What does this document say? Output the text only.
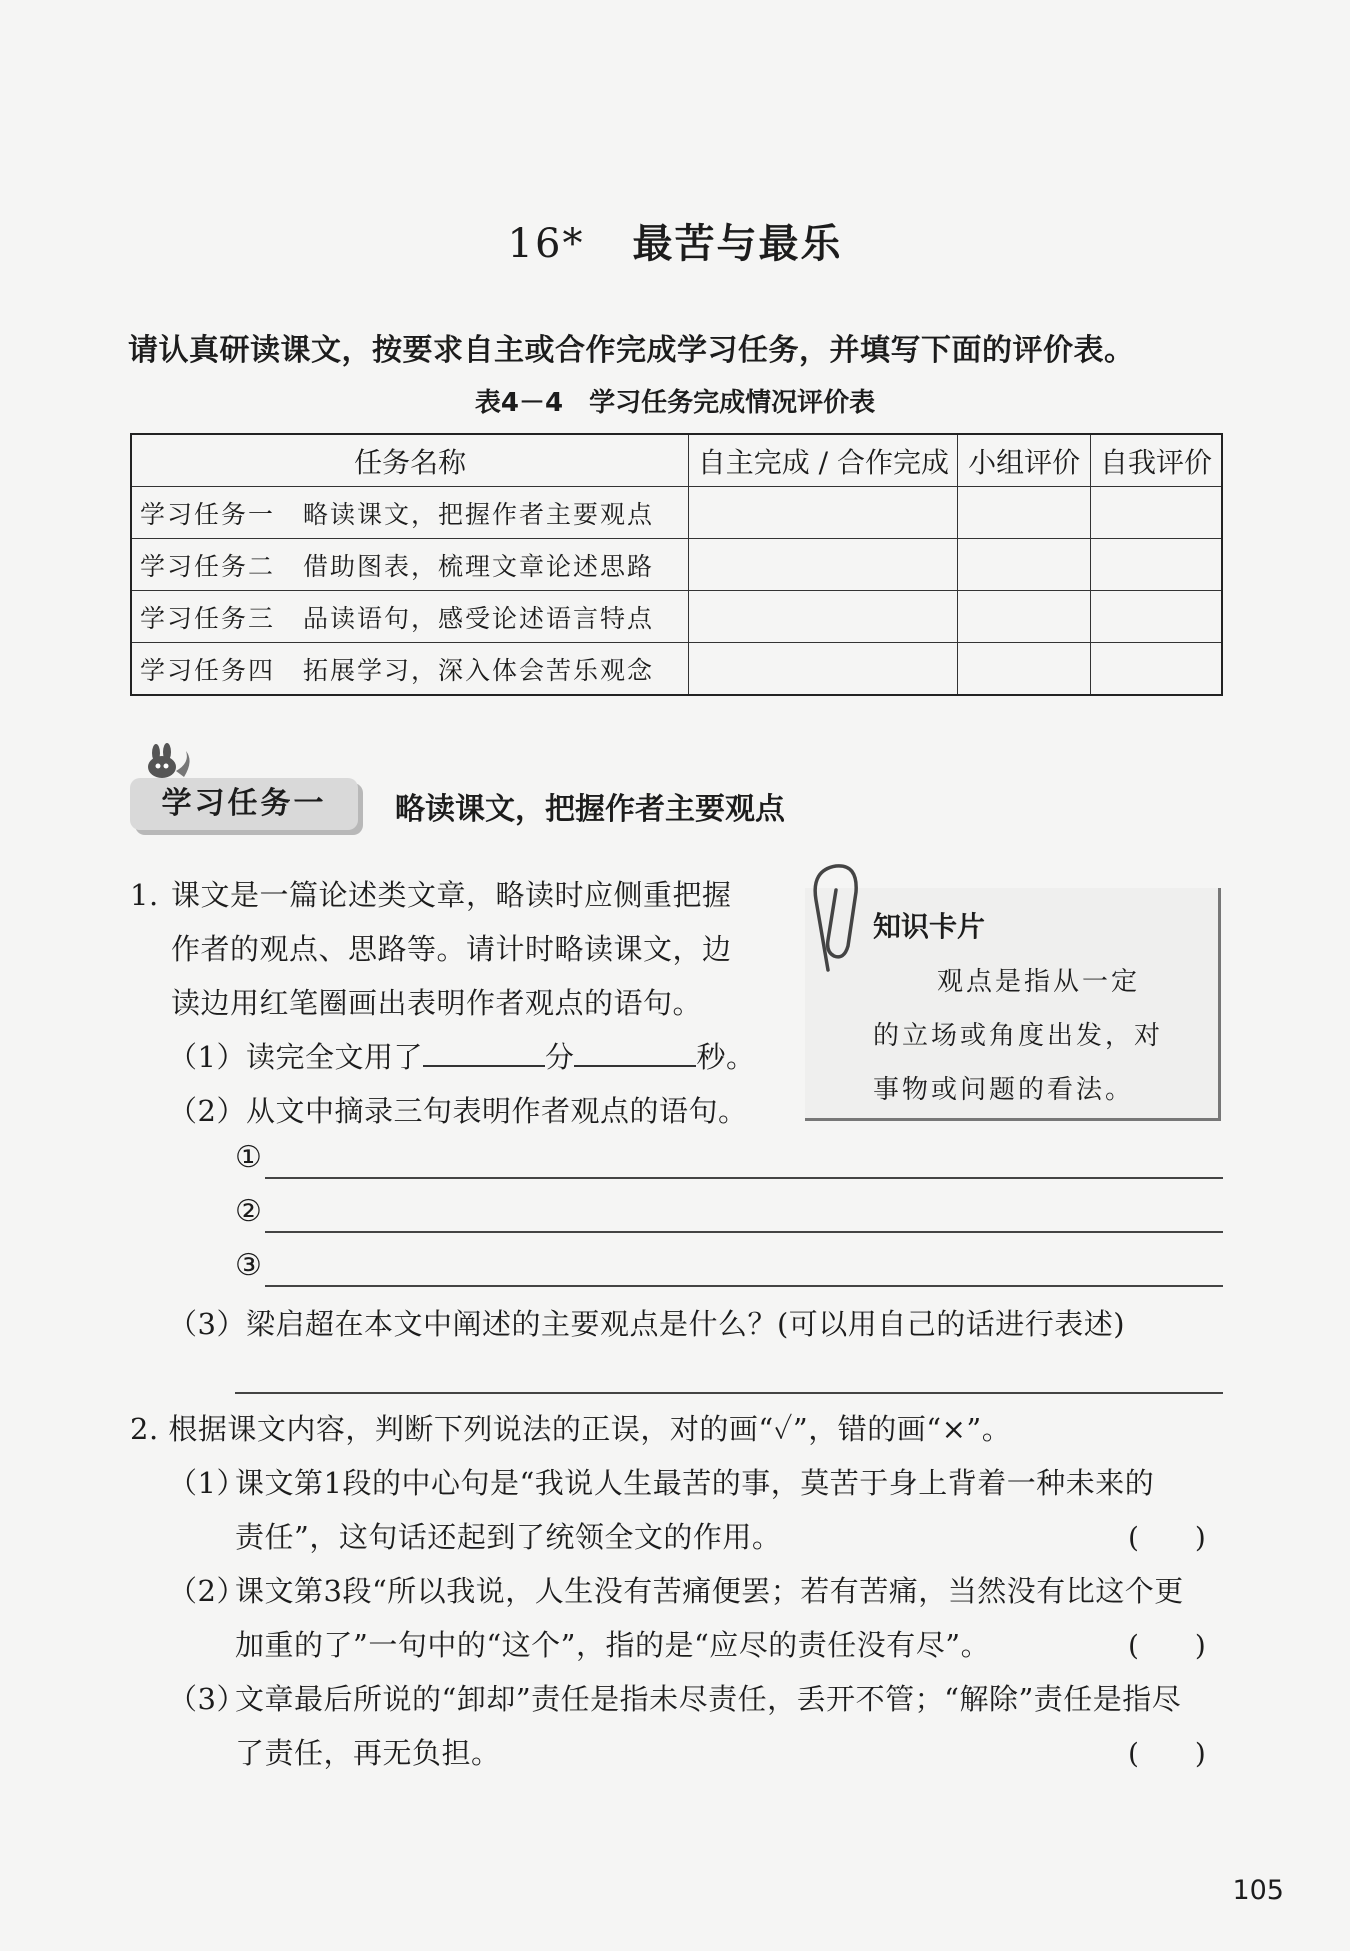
16* 最苦与最乐
请认真研读课文，按要求自主或合作完成学习任务，并填写下面的评价表。
表4－4 学习任务完成情况评价表
任务名称	自主完成 / 合作完成	小组评价	自我评价
学习任务一 略读课文，把握作者主要观点			
学习任务二 借助图表，梳理文章论述思路			
学习任务三 品读语句，感受论述语言特点			
学习任务四 拓展学习，深入体会苦乐观念			
学习任务一	略读课文，把握作者主要观点
1. 课文是一篇论述类文章，略读时应侧重把握
作者的观点、思路等。请计时略读课文，边
读边用红笔圈画出表明作者观点的语句。
（1）读完全文用了	分	秒。
（2）从文中摘录三句表明作者观点的语句。
①
②
③
（3）梁启超在本文中阐述的主要观点是什么？(可以用自己的话进行表述)
知识卡片
观点是指从一定
的立场或角度出发，对
事物或问题的看法。
2. 根据课文内容，判断下列说法的正误，对的画“✓”，错的画“×”。
（1）
课文第1段的中心句是“我说人生最苦的事，莫苦于身上背着一种未来的
责任”，这句话还起到了统领全文的作用。	(　　)
（2）
课文第3段“所以我说，人生没有苦痛便罢；若有苦痛，当然没有比这个更
加重的了”一句中的“这个”，指的是“应尽的责任没有尽”。	(　　)
（3）
文章最后所说的“卸却”责任是指未尽责任，丢开不管；“解除”责任是指尽
了责任，再无负担。	(　　)
105
